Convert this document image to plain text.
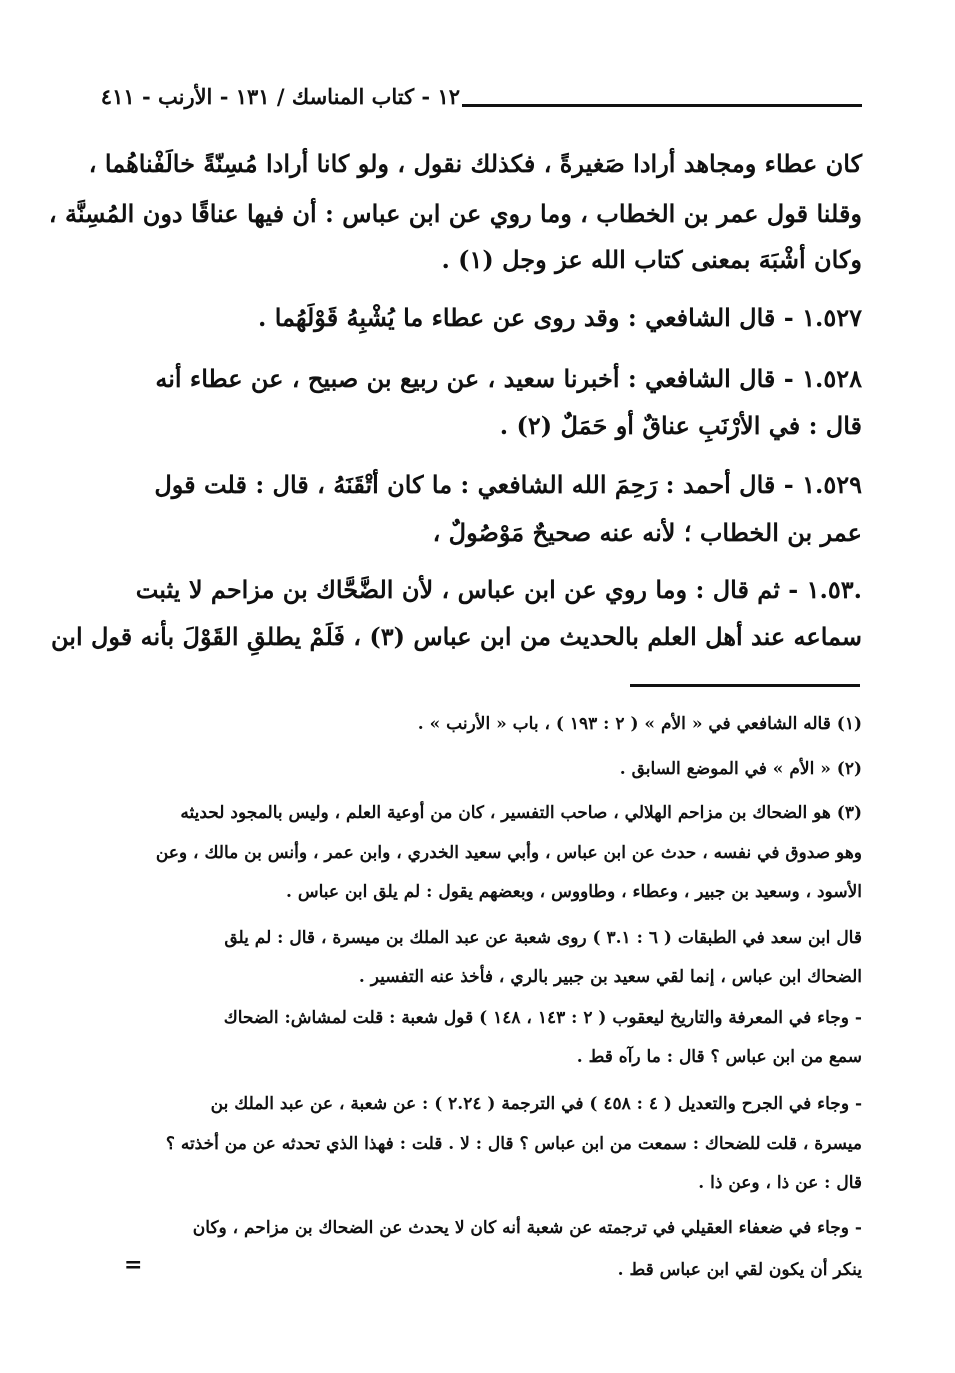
١٢ - كتاب المناسك / ١٣١ - الأرنب - ٤١١
كان عطاء ومجاهد أرادا صَغيرةً ، فكذلك نقول ، ولو كانا أرادا مُسِنّةً خالَفْناهُما ،
وقلنا قول عمر بن الخطاب ، وما روي عن ابن عباس : أن فيها عناقًا دون المُسِنَّة ،
وكان أشْبَهَ بمعنى كتاب الله عز وجل (١) .
١.٥٢٧ - قال الشافعي : وقد روى عن عطاء ما يُشْبِهُ قَوْلَهُما .
١.٥٢٨ - قال الشافعي : أخبرنا سعيد ، عن ربيع بن صبيح ، عن عطاء أنه
قال : في الأرْنَبِ عناقٌ أو حَمَلٌ (٢) .
١.٥٢٩ - قال أحمد : رَحِمَ الله الشافعي : ما كان أتْقَنَهُ ، قال : قلت قول
عمر بن الخطاب ؛ لأنه عنه صحيحٌ مَوْصُولٌ ،
.١.٥٣ - ثم قال : وما روي عن ابن عباس ، لأن الضَّحَّاك بن مزاحم لا يثبت
سماعه عند أهل العلم بالحديث من ابن عباس (٣) ، فَلَمْ يطلقِ القَوْلَ بأنه قول ابن
(١) قاله الشافعي في « الأم » ( ٢ : ١٩٣ ) ، باب « الأرنب » .
(٢) « الأم » في الموضع السابق .
(٣) هو الضحاك بن مزاحم الهلالي ، صاحب التفسير ، كان من أوعية العلم ، وليس بالمجود لحديثه
وهو صدوق في نفسه ، حدث عن ابن عباس ، وأبي سعيد الخدري ، وابن عمر ، وأنس بن مالك ، وعن
الأسود ، وسعيد بن جبير ، وعطاء ، وطاووس ، وبعضهم يقول : لم يلق ابن عباس .
قال ابن سعد في الطبقات ( ٦ : ٣.١ ) روى شعبة عن عبد الملك بن ميسرة ، قال : لم يلق
الضحاك ابن عباس ، إنما لقي سعيد بن جبير بالري ، فأخذ عنه التفسير .
- وجاء في المعرفة والتاريخ ليعقوب ( ٢ : ١٤٣ ، ١٤٨ ) قول شعبة : قلت لمشاش: الضحاك
سمع من ابن عباس ؟ قال : ما رآه قط .
- وجاء في الجرح والتعديل ( ٤ : ٤٥٨ ) في الترجمة ( ٢.٢٤ ) : عن شعبة ، عن عبد الملك بن
ميسرة ، قلت للضحاك : سمعت من ابن عباس ؟ قال : لا . قلت : فهذا الذي تحدثه عن من أخذته ؟
قال : عن ذا ، وعن ذا .
- وجاء في ضعفاء العقيلي في ترجمته عن شعبة أنه كان لا يحدث عن الضحاك بن مزاحم ، وكان
ينكر أن يكون لقي ابن عباس قط .
=
